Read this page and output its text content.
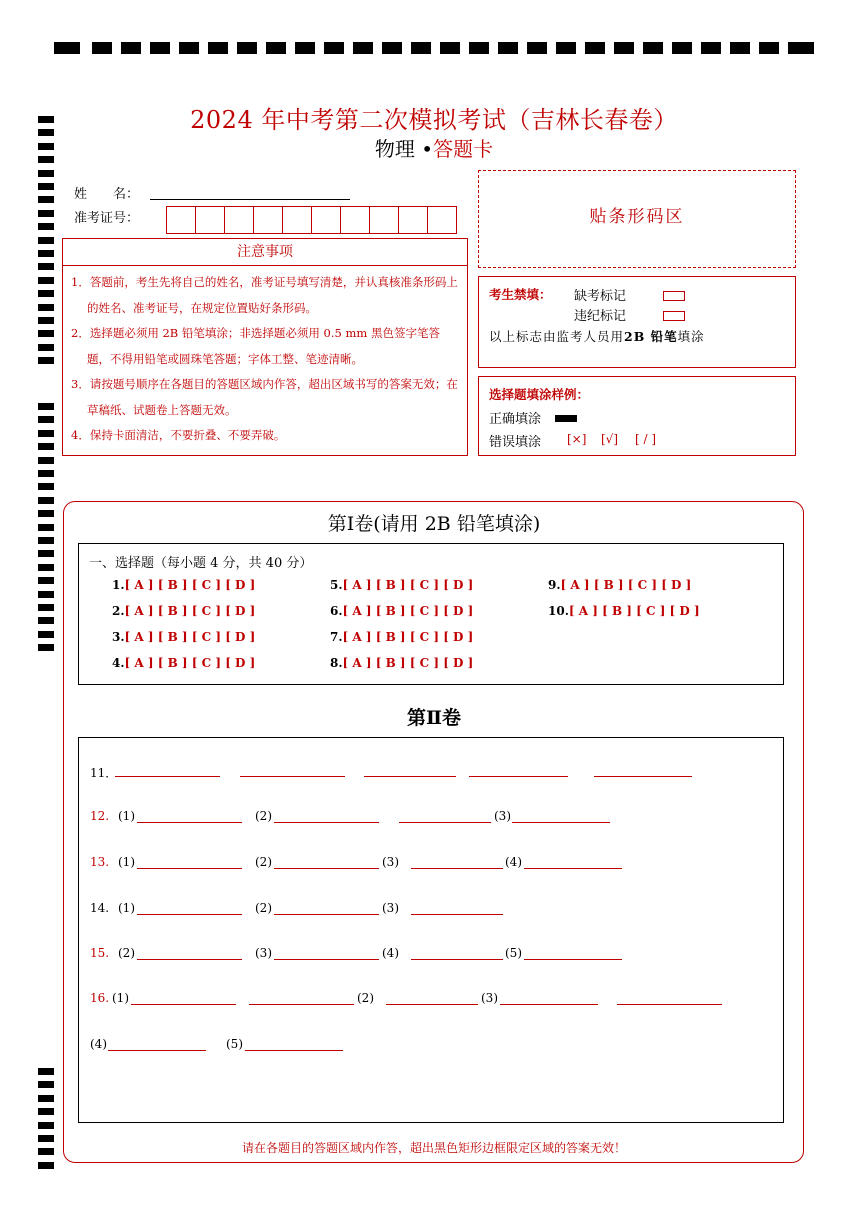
2024 年中考第二次模拟考试（吉林长春卷）
物理 •答题卡
姓　　名：
准考证号：
注意事项
1．答题前，考生先将自己的姓名，准考证号填写清楚，并认真核准条形码上的姓名、准考证号，在规定位置贴好条形码。
2．选择题必须用 2B 铅笔填涂；非选择题必须用 0.5 mm 黑色签字笔答题，不得用铅笔或圆珠笔答题；字体工整、笔迹清晰。
3．请按题号顺序在各题目的答题区域内作答，超出区域书写的答案无效；在草稿纸、试题卷上答题无效。
4．保持卡面清洁，不要折叠、不要弄破。
贴条形码区
考生禁填： 缺考标记
违纪标记
以上标志由监考人员用2B 铅笔填涂
选择题填涂样例：
正确填涂
错误填涂 [×] [√] [ / ]
第Ⅰ卷(请用 2B 铅笔填涂)
一、选择题（每小题 4 分，共 40 分）
1.[ A ] [ B ] [ C ] [ D ]
2.[ A ] [ B ] [ C ] [ D ]
3.[ A ] [ B ] [ C ] [ D ]
4.[ A ] [ B ] [ C ] [ D ]
5.[ A ] [ B ] [ C ] [ D ]
6.[ A ] [ B ] [ C ] [ D ]
7.[ A ] [ B ] [ C ] [ D ]
8.[ A ] [ B ] [ C ] [ D ]
9.[ A ] [ B ] [ C ] [ D ]
10.[ A ] [ B ] [ C ] [ D ]
第Ⅱ卷
11．
12. (1)	(2)	(3)
13. (1)	(2)	(3)	(4)
14. (1)	(2)	(3)
15. (2)	(3)	(4)	(5)
16. (1)	(2)	(3)
(4)	(5)
请在各题目的答题区域内作答，超出黑色矩形边框限定区域的答案无效！
